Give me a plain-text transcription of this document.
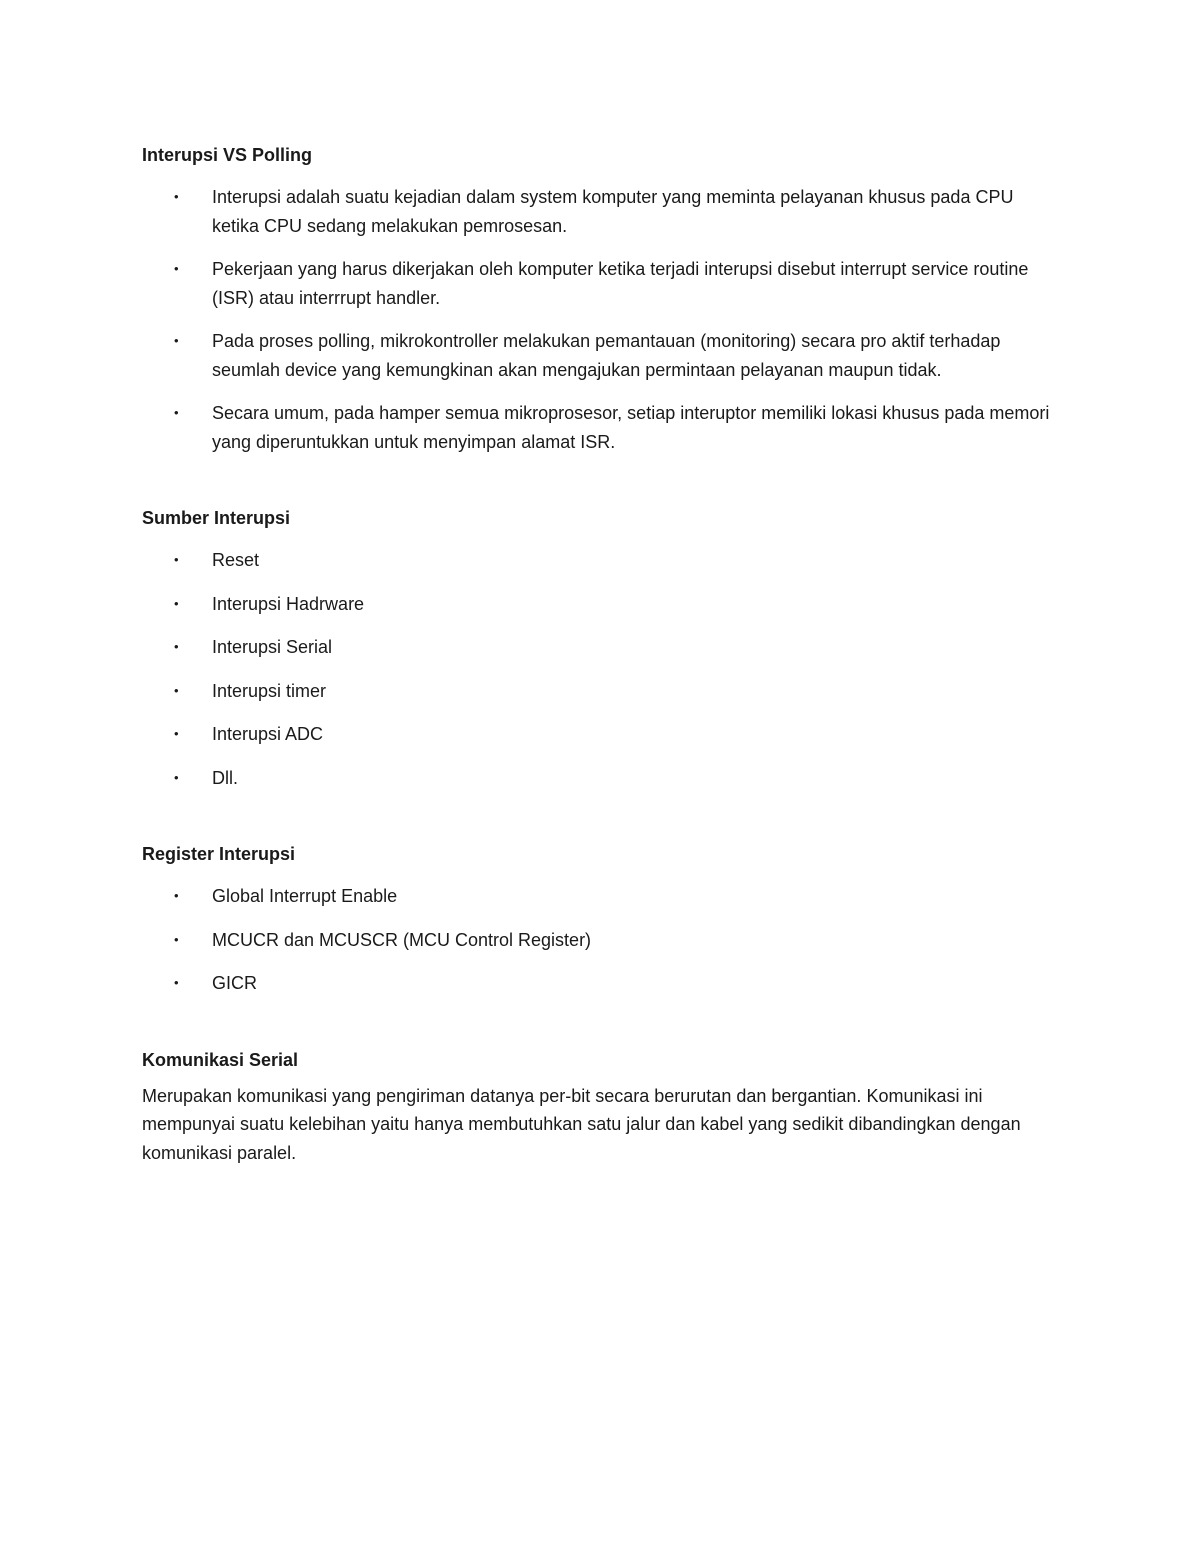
Interupsi VS Polling
• Interupsi adalah suatu kejadian dalam system komputer yang meminta pelayanan khusus pada CPU ketika CPU sedang melakukan pemrosesan.
• Pekerjaan yang harus dikerjakan oleh komputer ketika terjadi interupsi disebut interrupt service routine (ISR) atau interrrupt handler.
• Pada proses polling, mikrokontroller melakukan pemantauan (monitoring) secara pro aktif terhadap seumlah device yang kemungkinan akan mengajukan permintaan pelayanan maupun tidak.
• Secara umum, pada hamper semua mikroprosesor, setiap interuptor memiliki lokasi khusus pada memori yang diperuntukkan untuk menyimpan alamat ISR.
Sumber Interupsi
• Reset
• Interupsi Hadrware
• Interupsi Serial
• Interupsi timer
• Interupsi ADC
• Dll.
Register Interupsi
• Global Interrupt Enable
• MCUCR dan MCUSCR (MCU Control Register)
• GICR
Komunikasi Serial

Merupakan komunikasi yang pengiriman datanya per-bit secara berurutan dan bergantian. Komunikasi ini mempunyai suatu kelebihan yaitu hanya membutuhkan satu jalur dan kabel yang sedikit dibandingkan dengan komunikasi paralel.
